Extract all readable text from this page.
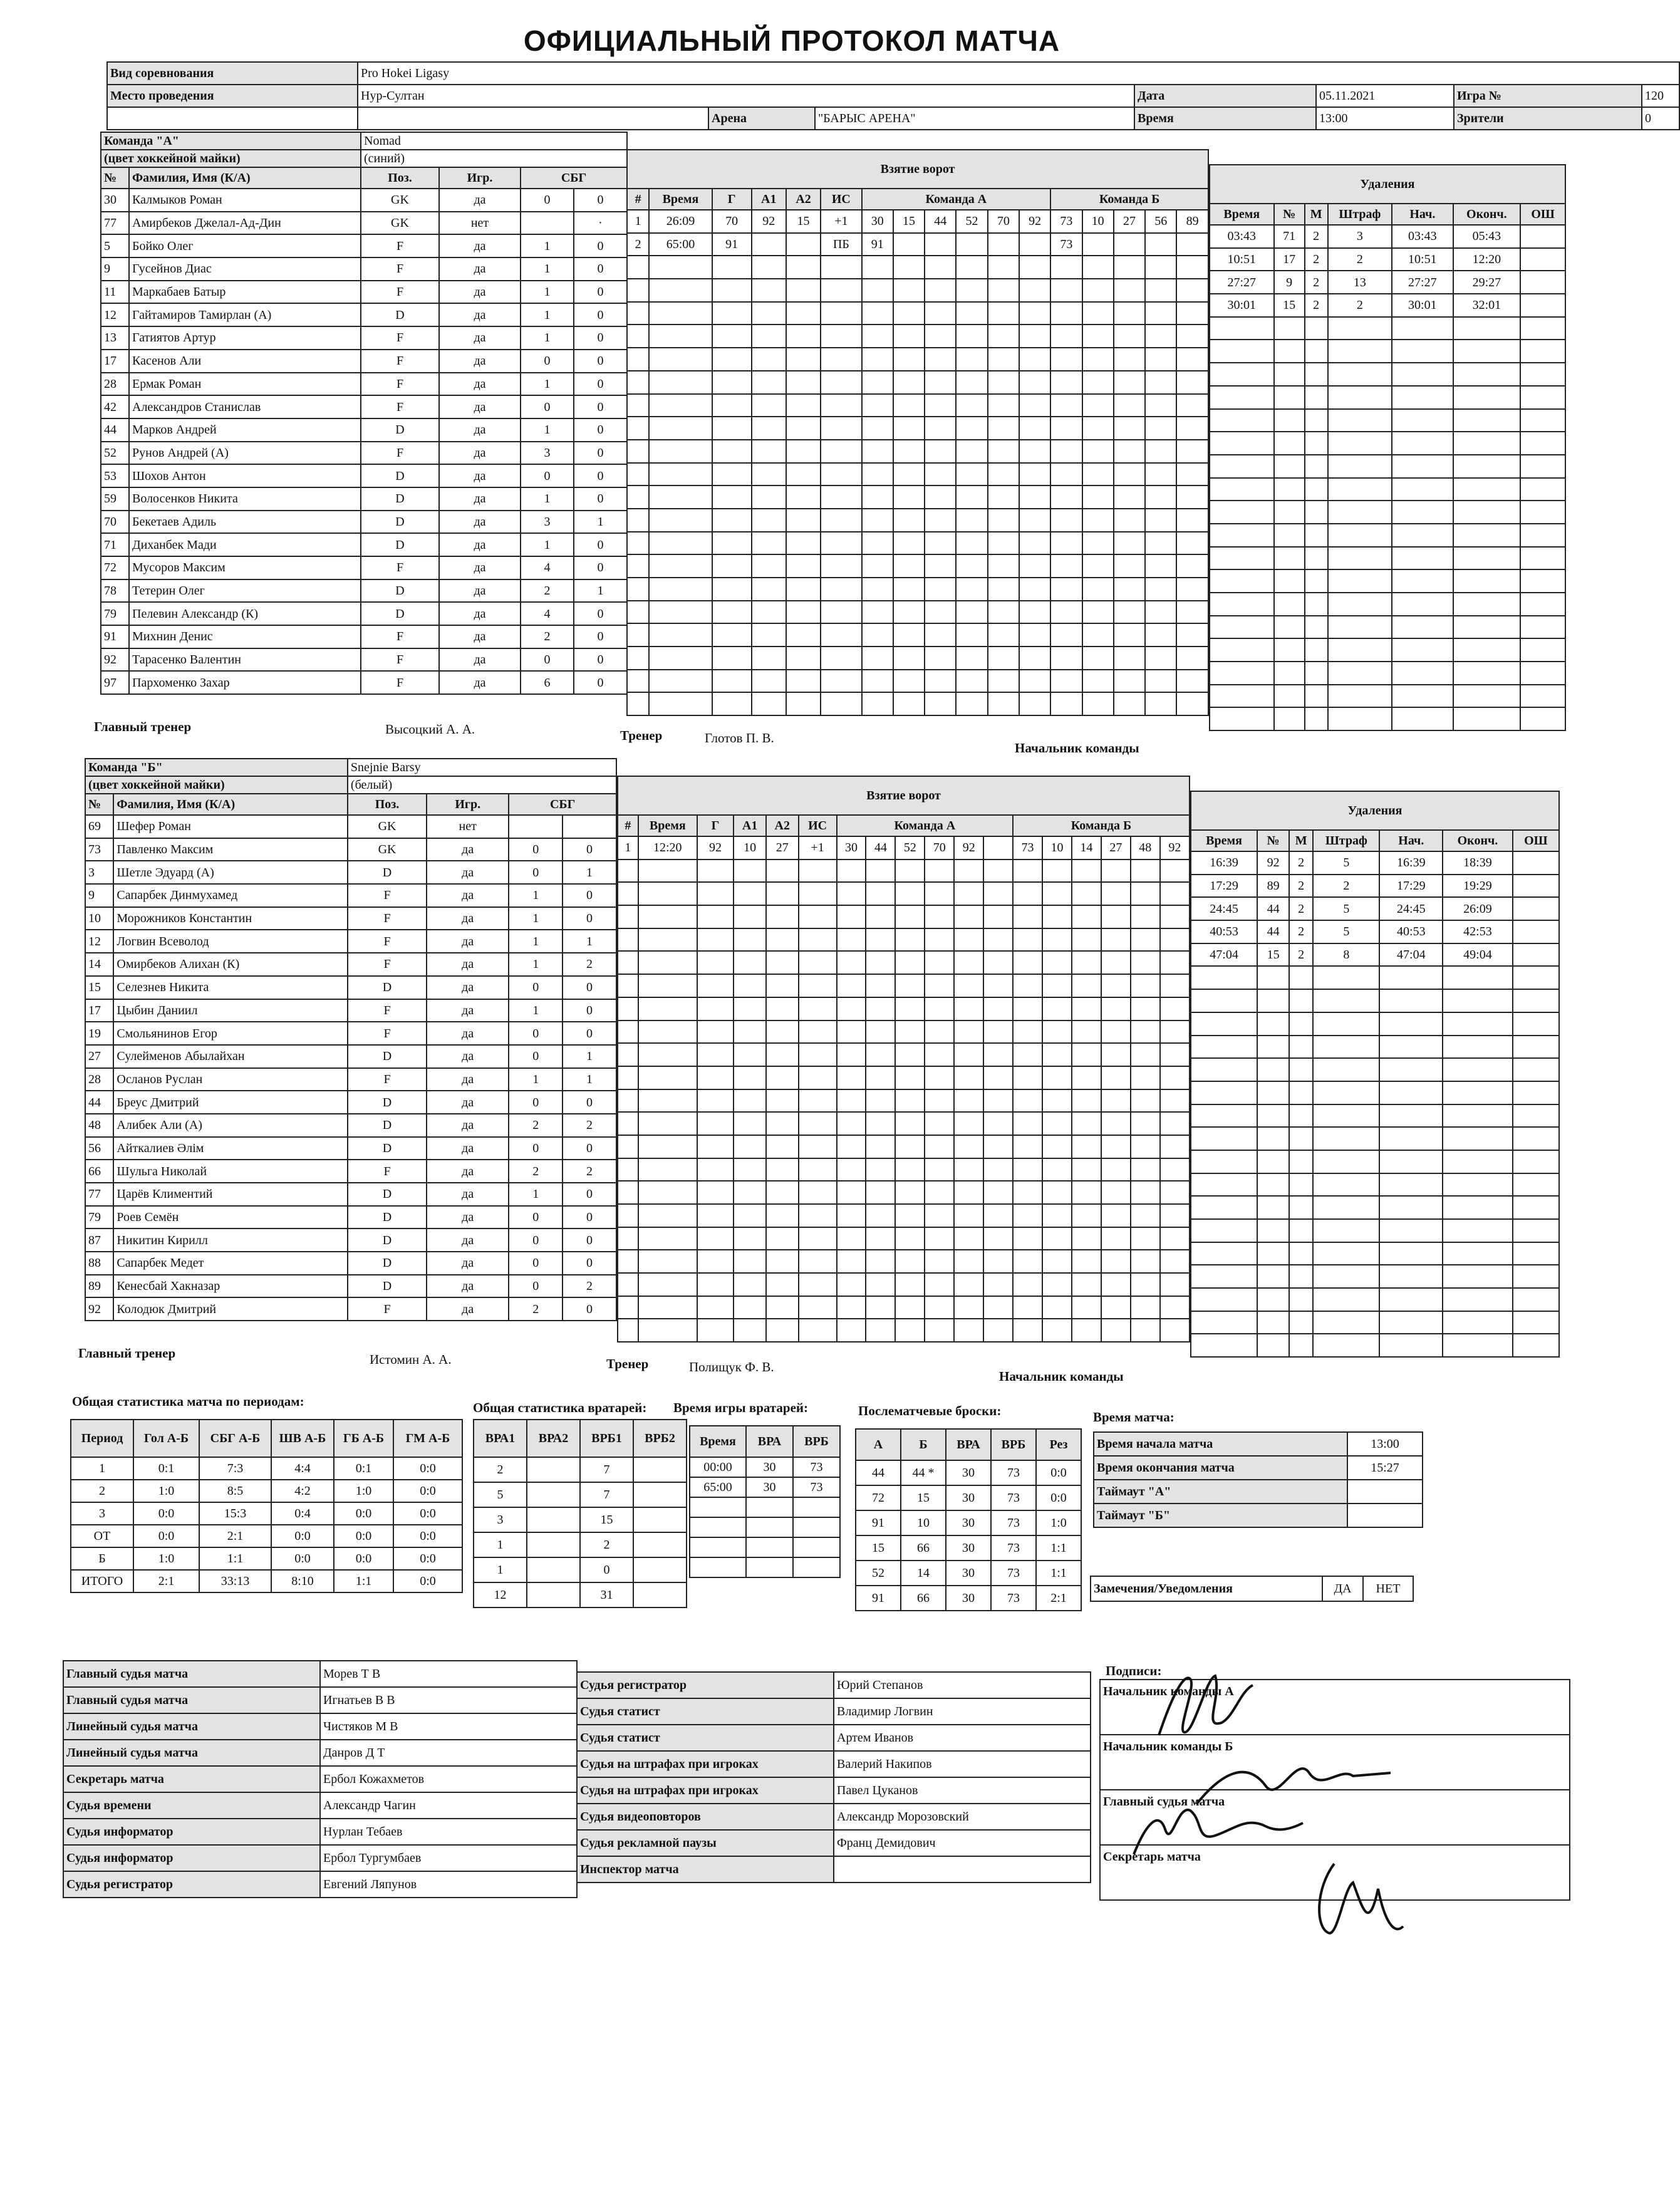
ОФИЦИАЛЬНЫЙ ПРОТОКОЛ МАТЧА
Вид соревнования	Pro Hokei Ligasy						
Место проведения	Нур-Султан			Дата	05.11.2021	Игра №	120
		Арена	"БАРЫС АРЕНА"	Время	13:00	Зрители	0
Команда "А"		Nomad			
(цвет хоккейной майки)		(синий)			
№	Фамилия, Имя (К/А)	Поз.	Игр.	СБГ	
30	Калмыков Роман	GK	да	0	0
77	Амирбеков Джелал-Ад-Дин	GK	нет		·
5	Бойко Олег	F	да	1	0
9	Гусейнов Диас	F	да	1	0
11	Маркабаев Батыр	F	да	1	0
12	Гайтамиров Тамирлан (А)	D	да	1	0
13	Гатиятов Артур	F	да	1	0
17	Касенов Али	F	да	0	0
28	Ермак Роман	F	да	1	0
42	Александров Станислав	F	да	0	0
44	Марков Андрей	D	да	1	0
52	Рунов Андрей (А)	F	да	3	0
53	Шохов Антон	D	да	0	0
59	Волосенков Никита	D	да	1	0
70	Бекетаев Адиль	D	да	3	1
71	Диханбек Мади	D	да	1	0
72	Мусоров Максим	F	да	4	0
78	Тетерин Олег	D	да	2	1
79	Пелевин Александр (К)	D	да	4	0
91	Михнин Денис	F	да	2	0
92	Тарасенко Валентин	F	да	0	0
97	Пархоменко Захар	F	да	6	0
Взятие ворот																
#	Время	Г	А1	А2	ИС	Команда А						Команда Б				
1	26:09	70	92	15	+1	30	15	44	52	70	92	73	10	27	56	89
2	65:00	91			ПБ	91						73				

Удаления						
Время	№	М	Штраф	Нач.	Оконч.	ОШ
03:43	71	2	3	03:43	05:43	
10:51	17	2	2	10:51	12:20	
27:27	9	2	13	27:27	29:27	
30:01	15	2	2	30:01	32:01	

Главный тренер	Высоцкий А. А.	Тренер	Глотов П. В.
Начальник команды
Команда "Б"		Snejnie Barsy			
(цвет хоккейной майки)		(белый)			
№	Фамилия, Имя (К/А)	Поз.	Игр.	СБГ	
69	Шефер Роман	GK	нет		
73	Павленко Максим	GK	да	0	0
3	Шетле Эдуард (А)	D	да	0	1
9	Сапарбек Динмухамед	F	да	1	0
10	Морожников Константин	F	да	1	0
12	Логвин Всеволод	F	да	1	1
14	Омирбеков Алихан (К)	F	да	1	2
15	Селезнев Никита	D	да	0	0
17	Цыбин Даниил	F	да	1	0
19	Смольянинов Егор	F	да	0	0
27	Сулейменов Абылайхан	D	да	0	1
28	Осланов Руслан	F	да	1	1
44	Бреус Дмитрий	D	да	0	0
48	Алибек Али (А)	D	да	2	2
56	Айткалиев Әлім	D	да	0	0
66	Шульга Николай	F	да	2	2
77	Царёв Климентий	D	да	1	0
79	Роев Семён	D	да	0	0
87	Никитин Кирилл	D	да	0	0
88	Сапарбек Медет	D	да	0	0
89	Кенесбай Хакназар	D	да	0	2
92	Колодюк Дмитрий	F	да	2	0
Взятие ворот																	
#	Время	Г	А1	А2	ИС	Команда А						Команда Б					
1	12:20	92	10	27	+1	30	44	52	70	92		73	10	14	27	48	92

Удаления						
Время	№	М	Штраф	Нач.	Оконч.	ОШ
16:39	92	2	5	16:39	18:39	
17:29	89	2	2	17:29	19:29	
24:45	44	2	5	24:45	26:09	
40:53	44	2	5	40:53	42:53	
47:04	15	2	8	47:04	49:04	

Главный тренер	Истомин А. А.	Тренер	Полищук Ф. В.
Начальник команды
Общая статистика матча по периодам:
Период	Гол А-Б	СБГ А-Б	ШВ А-Б	ГБ А-Б	ГМ А-Б
1	0:1	7:3	4:4	0:1	0:0
2	1:0	8:5	4:2	1:0	0:0
3	0:0	15:3	0:4	0:0	0:0
ОТ	0:0	2:1	0:0	0:0	0:0
Б	1:0	1:1	0:0	0:0	0:0
ИТОГО	2:1	33:13	8:10	1:1	0:0
Общая статистика вратарей:
ВРА1	ВРА2	ВРБ1	ВРБ2
2		7	
5		7	
3		15	
1		2	
1		0	
12		31	
Время игры вратарей:
Время	ВРА	ВРБ
00:00	30	73
65:00	30	73

Послематчевые броски:
А	Б	ВРА	ВРБ	Рез
44	44 *	30	73	0:0
72	15	30	73	0:0
91	10	30	73	1:0
15	66	30	73	1:1
52	14	30	73	1:1
91	66	30	73	2:1
Время матча:
Время начала матча	13:00
Время окончания матча	15:27
Таймаут "А"	
Таймаут "Б"	
Замечения/Уведомления	ДА	НЕТ
Главный судья матча	Морев Т В
Главный судья матча	Игнатьев В В
Линейный судья матча	Чистяков М В
Линейный судья матча	Данров Д Т
Секретарь матча	Ербол Кожахметов
Судья времени	Александр Чагин
Судья информатор	Нурлан Тебаев
Судья информатор	Ербол Тургумбаев
Судья регистратор	Евгений Ляпунов
Судья регистратор	Юрий Степанов
Судья статист	Владимир Логвин
Судья статист	Артем Иванов
Судья на штрафах при игроках	Валерий Накипов
Судья на штрафах при игроках	Павел Цуканов
Судья видеоповторов	Александр Морозовский
Судья рекламной паузы	Франц Демидович
Инспектор матча	
Подписи:
Начальник команды А
Начальник команды Б
Главный судья матча
Секретарь матча
